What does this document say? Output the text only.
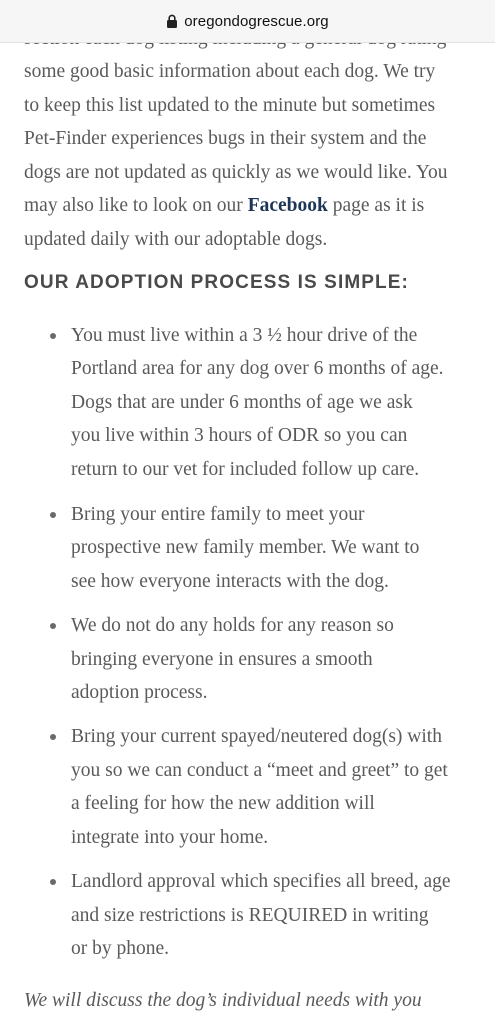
oregondogrescue.org

some good basic information about each dog. We try
to keep this list updated to the minute but sometimes
Pet-Finder experiences bugs in their system and the
dogs are not updated as quickly as we would like. You
may also like to look on our Facebook page as it is
updated daily with our adoptable dogs.

OUR ADOPTION PROCESS IS SIMPLE:
You must live within a 3 ½ hour drive of the
Portland area for any dog over 6 months of age.
Dogs that are under 6 months of age we ask
you live within 3 hours of ODR so you can
return to our vet for included follow up care.
Bring your entire family to meet your
prospective new family member. We want to
see how everyone interacts with the dog.
We do not do any holds for any reason so
bringing everyone in ensures a smooth
adoption process.
Bring your current spayed/neutered dog(s) with
you so we can conduct a “meet and greet” to get
a feeling for how the new addition will
integrate into your home.
Landlord approval which specifies all breed, age
and size restrictions is REQUIRED in writing
or by phone.
We will discuss the dog’s individual needs with you
